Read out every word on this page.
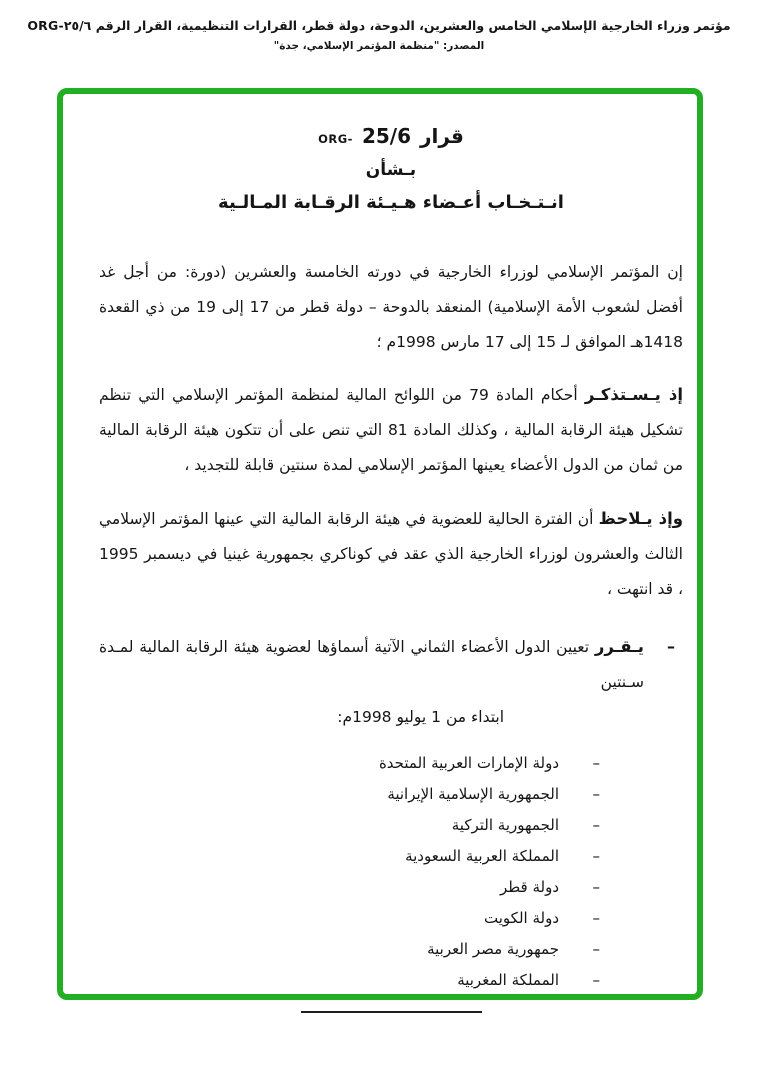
مؤتمر وزراء الخارجية الإسلامي الخامس والعشرين، الدوحة، دولة قطر، القرارات التنظيمية، القرار الرقم ORG-٢٥/٦
المصدر: "منظمة المؤتمر الإسلامي، جدة"
ORG- 25/6 قرار
بـشأن
انـتـخـاب أعـضاء هـيـئة الرقـابة المـالـية

إن المؤتمر الإسلامي لوزراء الخارجية في دورته الخامسة والعشرين (دورة: من أجل غد أفضل لشعوب الأمة الإسلامية) المنعقد بالدوحة – دولة قطر من 17 إلى 19 من ذي القعدة 1418هـ الموافق لـ 15 إلى 17 مارس 1998م ؛

إذ يـسـتذكـر أحكام المادة 79 من اللوائح المالية لمنظمة المؤتمر الإسلامي التي تنظم تشكيل هيئة الرقابة المالية ، وكذلك المادة 81 التي تنص على أن تتكون هيئة الرقابة المالية من ثمان من الدول الأعضاء يعينها المؤتمر الإسلامي لمدة سنتين قابلة للتجديد ،

وإذ يـلاحظ أن الفترة الحالية للعضوية في هيئة الرقابة المالية التي عينها المؤتمر الإسلامي الثالث والعشرون لوزراء الخارجية الذي عقد في كوناكري بجمهورية غينيا في ديسمبر 1995 ، قد انتهت ،

–
يـقـرر تعيين الدول الأعضاء الثماني الآتية أسماؤها لعضوية هيئة الرقابة المالية لمـدة سـنتين
ابتداء من 1 يوليو 1998م:
–
دولة الإمارات العربية المتحدة
–
الجمهورية الإسلامية الإيرانية
–
الجمهورية التركية
–
المملكة العربية السعودية
–
دولة قطر
–
دولة الكويت
–
جمهورية مصر العربية
–
المملكة المغربية
